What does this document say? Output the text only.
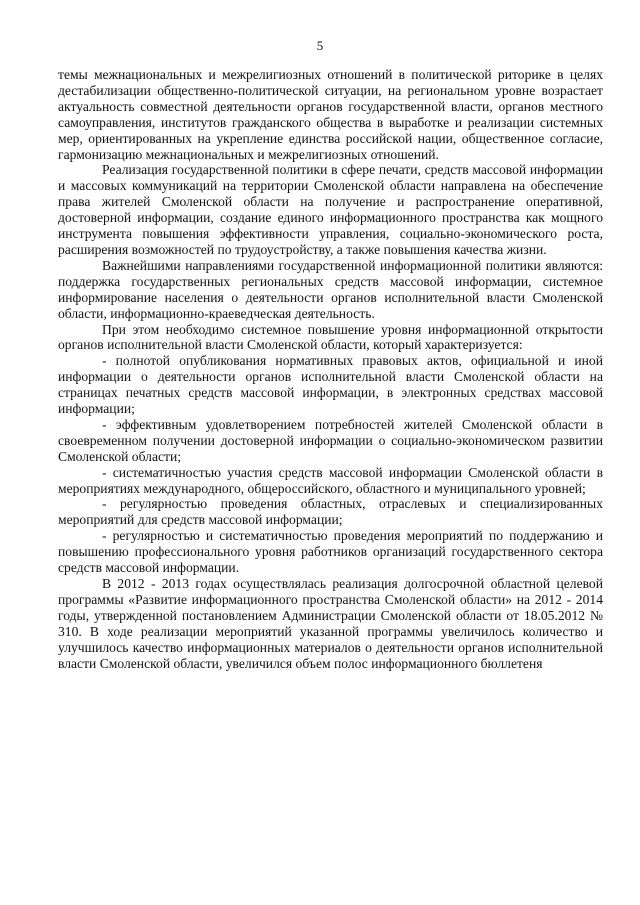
5

темы межнациональных и межрелигиозных отношений в политической риторике в целях дестабилизации общественно-политической ситуации, на региональном уровне возрастает актуальность совместной деятельности органов государственной власти, органов местного самоуправления, институтов гражданского общества в выработке и реализации системных мер, ориентированных на укрепление единства российской нации, общественное согласие, гармонизацию межнациональных и межрелигиозных отношений.

Реализация государственной политики в сфере печати, средств массовой информации и массовых коммуникаций на территории Смоленской области направлена на обеспечение права жителей Смоленской области на получение и распространение оперативной, достоверной информации, создание единого информационного пространства как мощного инструмента повышения эффективности управления, социально-экономического роста, расширения возможностей по трудоустройству, а также повышения качества жизни.

Важнейшими направлениями государственной информационной политики являются: поддержка государственных региональных средств массовой информации, системное информирование населения о деятельности органов исполнительной власти Смоленской области, информационно-краеведческая деятельность.

При этом необходимо системное повышение уровня информационной открытости органов исполнительной власти Смоленской области, который характеризуется:

- полнотой опубликования нормативных правовых актов, официальной и иной информации о деятельности органов исполнительной власти Смоленской области на страницах печатных средств массовой информации, в электронных средствах массовой информации;

- эффективным удовлетворением потребностей жителей Смоленской области в своевременном получении достоверной информации о социально-экономическом развитии Смоленской области;

- систематичностью участия средств массовой информации Смоленской области в мероприятиях международного, общероссийского, областного и муниципального уровней;

- регулярностью проведения областных, отраслевых и специализированных мероприятий для средств массовой информации;

- регулярностью и систематичностью проведения мероприятий по поддержанию и повышению профессионального уровня работников организаций государственного сектора средств массовой информации.

В 2012 - 2013 годах осуществлялась реализация долгосрочной областной целевой программы «Развитие информационного пространства Смоленской области» на 2012 - 2014 годы, утвержденной постановлением Администрации Смоленской области от 18.05.2012 № 310. В ходе реализации мероприятий указанной программы увеличилось количество и улучшилось качество информационных материалов о деятельности органов исполнительной власти Смоленской области, увеличился объем полос информационного бюллетеня
